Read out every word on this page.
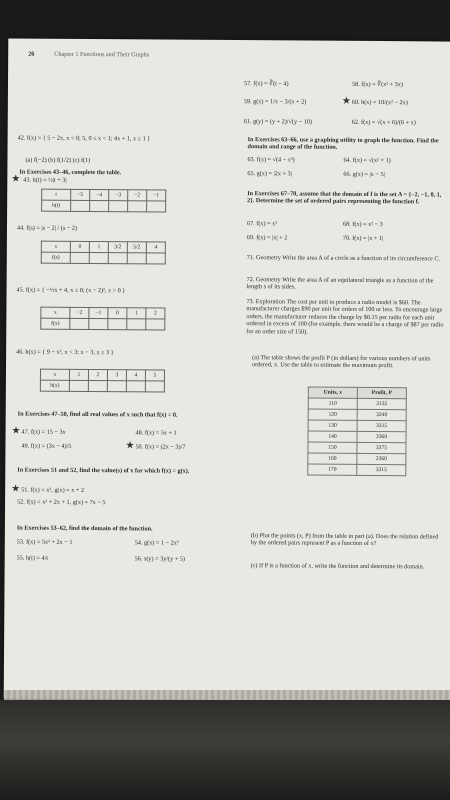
26	Chapter 1 Functions and Their Graphs
42. f(x) = { 5 − 2x, x < 0; 5, 0 ≤ x < 1; 4x + 1, x ≥ 1 }
(a) f(−2) (b) f(1/2) (c) f(1)
In Exercises 43–46, complete the table.
★ 43. h(t) = ½|t + 3|
t	−5	−4	−3	−2	−1
h(t)					
44. f(s) = |s − 2| / (s − 2)
s	0	1	3/2	5/2	4
f(s)					
45. f(x) = { −½x + 4, x ≤ 0; (x − 2)², x > 0 }
x	−2	−1	0	1	2
f(x)					
46. h(x) = { 9 − x², x < 3; x − 3, x ≥ 3 }
x	1	2	3	4	5
h(x)					
In Exercises 47–50, find all real values of x such that f(x) = 0.
★ 47. f(x) = 15 − 3x	48. f(x) = 5x + 1
49. f(x) = (3x − 4)/5	★ 50. f(x) = (2x − 3)/7
In Exercises 51 and 52, find the value(s) of x for which f(x) = g(x).
★ 51. f(x) = x², g(x) = x + 2
52. f(x) = x² + 2x + 1, g(x) = 7x − 5
In Exercises 53–62, find the domain of the function.
53. f(x) = 5x² + 2x − 1	54. g(x) = 1 − 2x²
55. h(t) = 4/t	56. s(y) = 3y/(y + 5)
57. f(x) = ∛(t − 4)	58. f(x) = ∜(x² + 3x)
59. g(x) = 1/x − 3/(x + 2)	★ 60. h(x) = 10/(x² − 2x)
61. g(y) = (y + 2)/√(y − 10)	62. f(x) = √(x + 6)/(6 + x)
In Exercises 63–66, use a graphing utility to graph the function. Find the domain and range of the function.
63. f(x) = √(4 − x²)	64. f(x) = √(x² + 1)
65. g(x) = |2x + 3|	66. g(x) = |x − 5|
In Exercises 67–70, assume that the domain of f is the set A = {−2, −1, 0, 1, 2}. Determine the set of ordered pairs representing the function f.
67. f(x) = x²	68. f(x) = x² − 3
69. f(x) = |x| + 2	70. f(x) = |x + 1|
71. Geometry Write the area A of a circle as a function of its circumference C.
72. Geometry Write the area A of an equilateral triangle as a function of the length s of its sides.
73. Exploration The cost per unit to produce a radio model is $60. The manufacturer charges $90 per unit for orders of 100 or less. To encourage large orders, the manufacturer reduces the charge by $0.15 per radio for each unit ordered in excess of 100 (for example, there would be a charge of $87 per radio for an order size of 150).
(a) The table shows the profit P (in dollars) for various numbers of units ordered, x. Use the table to estimate the maximum profit.
Units, x	Profit, P
110	3135
120	3240
130	3315
140	3360
150	3375
160	3360
170	3315
(b) Plot the points (x, P) from the table in part (a). Does the relation defined by the ordered pairs represent P as a function of x?
(c) If P is a function of x, write the function and determine its domain.
